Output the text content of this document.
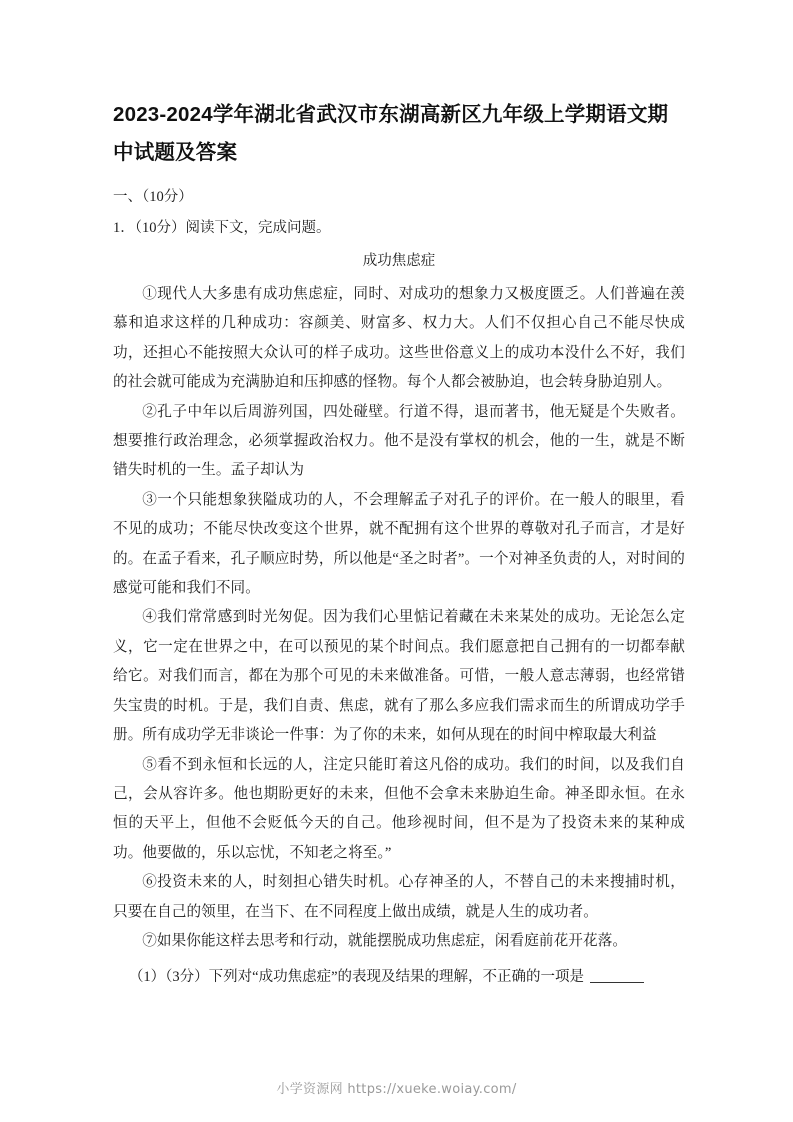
2023-2024学年湖北省武汉市东湖高新区九年级上学期语文期中试题及答案

一、（10分）

1．（10分）阅读下文，完成问题。

成功焦虑症

①现代人大多患有成功焦虑症，同时、对成功的想象力又极度匮乏。人们普遍在羡慕和追求这样的几种成功：容颜美、财富多、权力大。人们不仅担心自己不能尽快成功，还担心不能按照大众认可的样子成功。这些世俗意义上的成功本没什么不好，我们的社会就可能成为充满胁迫和压抑感的怪物。每个人都会被胁迫，也会转身胁迫别人。

②孔子中年以后周游列国，四处碰壁。行道不得，退而著书，他无疑是个失败者。想要推行政治理念，必须掌握政治权力。他不是没有掌权的机会，他的一生，就是不断错失时机的一生。孟子却认为

③一个只能想象狭隘成功的人，不会理解孟子对孔子的评价。在一般人的眼里，看不见的成功；不能尽快改变这个世界，就不配拥有这个世界的尊敬对孔子而言，才是好的。在孟子看来，孔子顺应时势，所以他是“圣之时者”。一个对神圣负责的人，对时间的感觉可能和我们不同。

④我们常常感到时光匆促。因为我们心里惦记着藏在未来某处的成功。无论怎么定义，它一定在世界之中，在可以预见的某个时间点。我们愿意把自己拥有的一切都奉献给它。对我们而言，都在为那个可见的未来做准备。可惜，一般人意志薄弱，也经常错失宝贵的时机。于是，我们自责、焦虑，就有了那么多应我们需求而生的所谓成功学手册。所有成功学无非谈论一件事：为了你的未来，如何从现在的时间中榨取最大利益

⑤看不到永恒和长远的人，注定只能盯着这凡俗的成功。我们的时间，以及我们自己，会从容许多。他也期盼更好的未来，但他不会拿未来胁迫生命。神圣即永恒。在永恒的天平上，但他不会贬低今天的自己。他珍视时间，但不是为了投资未来的某种成功。他要做的，乐以忘忧，不知老之将至。”

⑥投资未来的人，时刻担心错失时机。心存神圣的人，不替自己的未来搜捕时机，只要在自己的领里，在当下、在不同程度上做出成绩，就是人生的成功者。

⑦如果你能这样去思考和行动，就能摆脱成功焦虑症，闲看庭前花开花落。

（1）（3分）下列对“成功焦虑症”的表现及结果的理解，不正确的一项是

小学资源网 https://xueke.woiay.com/
